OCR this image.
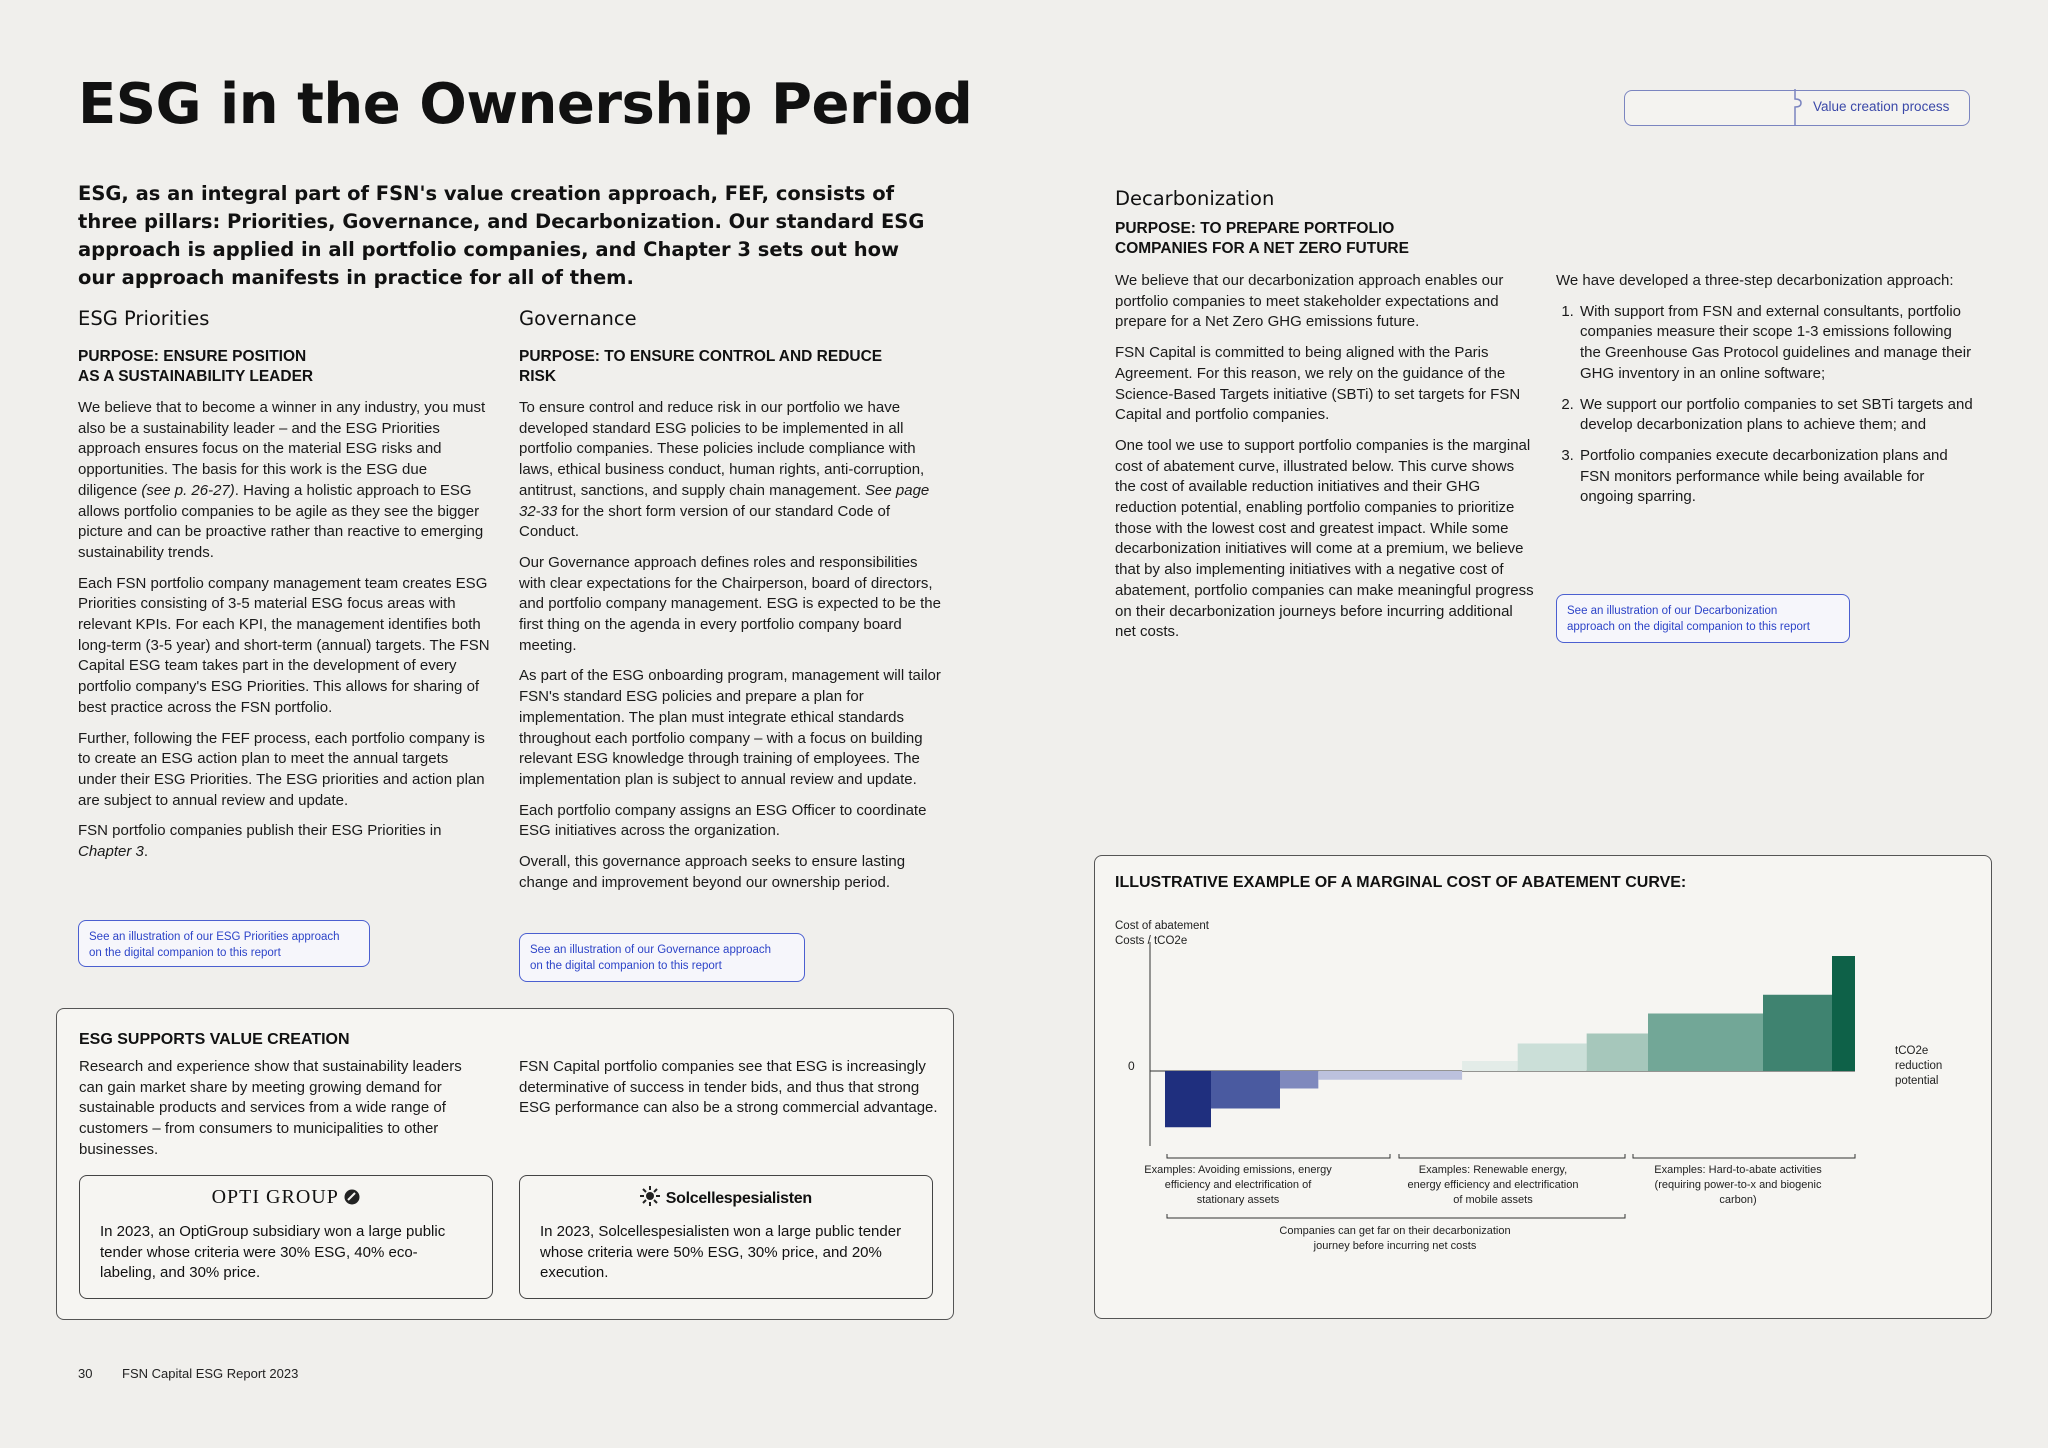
ESG in the Ownership Period	Value creation process
ESG, as an integral part of FSN's value creation approach, FEF, consists of three pillars: Priorities, Governance, and Decarbonization. Our standard ESG approach is applied in all portfolio companies, and Chapter 3 sets out how our approach manifests in practice for all of them.
ESG Priorities
PURPOSE: ENSURE POSITION
AS A SUSTAINABILITY LEADER

We believe that to become a winner in any industry, you must also be a sustainability leader – and the ESG Priorities approach ensures focus on the material ESG risks and opportunities. The basis for this work is the ESG due diligence (see p. 26-27). Having a holistic approach to ESG allows portfolio companies to be agile as they see the bigger picture and can be proactive rather than reactive to emerging sustainability trends.

Each FSN portfolio company management team creates ESG Priorities consisting of 3-5 material ESG focus areas with relevant KPIs. For each KPI, the management identifies both long-term (3-5 year) and short-term (annual) targets. The FSN Capital ESG team takes part in the development of every portfolio company's ESG Priorities. This allows for sharing of best practice across the FSN portfolio.

Further, following the FEF process, each portfolio company is to create an ESG action plan to meet the annual targets under their ESG Priorities. The ESG priorities and action plan are subject to annual review and update.

FSN portfolio companies publish their ESG Priorities in Chapter 3.

See an illustration of our ESG Priorities approach
on the digital companion to this report
Governance
PURPOSE: TO ENSURE CONTROL AND REDUCE
RISK

To ensure control and reduce risk in our portfolio we have developed standard ESG policies to be implemented in all portfolio companies. These policies include compliance with laws, ethical business conduct, human rights, anti-corruption, antitrust, sanctions, and supply chain management. See page 32-33 for the short form version of our standard Code of Conduct.

Our Governance approach defines roles and responsibilities with clear expectations for the Chairperson, board of directors, and portfolio company management. ESG is expected to be the first thing on the agenda in every portfolio company board meeting.

As part of the ESG onboarding program, management will tailor FSN's standard ESG policies and prepare a plan for implementation. The plan must integrate ethical standards throughout each portfolio company – with a focus on building relevant ESG knowledge through training of employees. The implementation plan is subject to annual review and update.

Each portfolio company assigns an ESG Officer to coordinate ESG initiatives across the organization.

Overall, this governance approach seeks to ensure lasting change and improvement beyond our ownership period.

See an illustration of our Governance approach
on the digital companion to this report
ESG SUPPORTS VALUE CREATION
Research and experience show that sustainability leaders can gain market share by meeting growing demand for sustainable products and services from a wide range of customers – from consumers to municipalities to other businesses.
FSN Capital portfolio companies see that ESG is increasingly determinative of success in tender bids, and thus that strong ESG performance can also be a strong commercial advantage.
OPTI GROUP
In 2023, an OptiGroup subsidiary won a large public tender whose criteria were 30% ESG, 40% eco-labeling, and 30% price.
Solcellespesialisten
In 2023, Solcellespesialisten won a large public tender whose criteria were 50% ESG, 30% price, and 20% execution.
Decarbonization
PURPOSE: TO PREPARE PORTFOLIO
COMPANIES FOR A NET ZERO FUTURE

We believe that our decarbonization approach enables our portfolio companies to meet stakeholder expectations and prepare for a Net Zero GHG emissions future.

FSN Capital is committed to being aligned with the Paris Agreement. For this reason, we rely on the guidance of the Science-Based Targets initiative (SBTi) to set targets for FSN Capital and portfolio companies.

One tool we use to support portfolio companies is the marginal cost of abatement curve, illustrated below. This curve shows the cost of available reduction initiatives and their GHG reduction potential, enabling portfolio companies to prioritize those with the lowest cost and greatest impact. While some decarbonization initiatives will come at a premium, we believe that by also implementing initiatives with a negative cost of abatement, portfolio companies can make meaningful progress on their decarbonization journeys before incurring additional net costs.

We have developed a three-step decarbonization approach:

1. With support from FSN and external consultants, portfolio companies measure their scope 1-3 emissions following the Greenhouse Gas Protocol guidelines and manage their GHG inventory in an online software;
2. We support our portfolio companies to set SBTi targets and develop decarbonization plans to achieve them; and
3. Portfolio companies execute decarbonization plans and FSN monitors performance while being available for ongoing sparring.
See an illustration of our Decarbonization
approach on the digital companion to this report
ILLUSTRATIVE EXAMPLE OF A MARGINAL COST OF ABATEMENT CURVE:
Cost of abatement
Costs / tCO2e
0
tCO2e
reduction
potential
Examples: Avoiding emissions, energy
efficiency and electrification of
stationary assets
Examples: Renewable energy,
energy efficiency and electrification
of mobile assets
Examples: Hard-to-abate activities
(requiring power-to-x and biogenic
carbon)
Companies can get far on their decarbonization
journey before incurring net costs
30 FSN Capital ESG Report 2023
